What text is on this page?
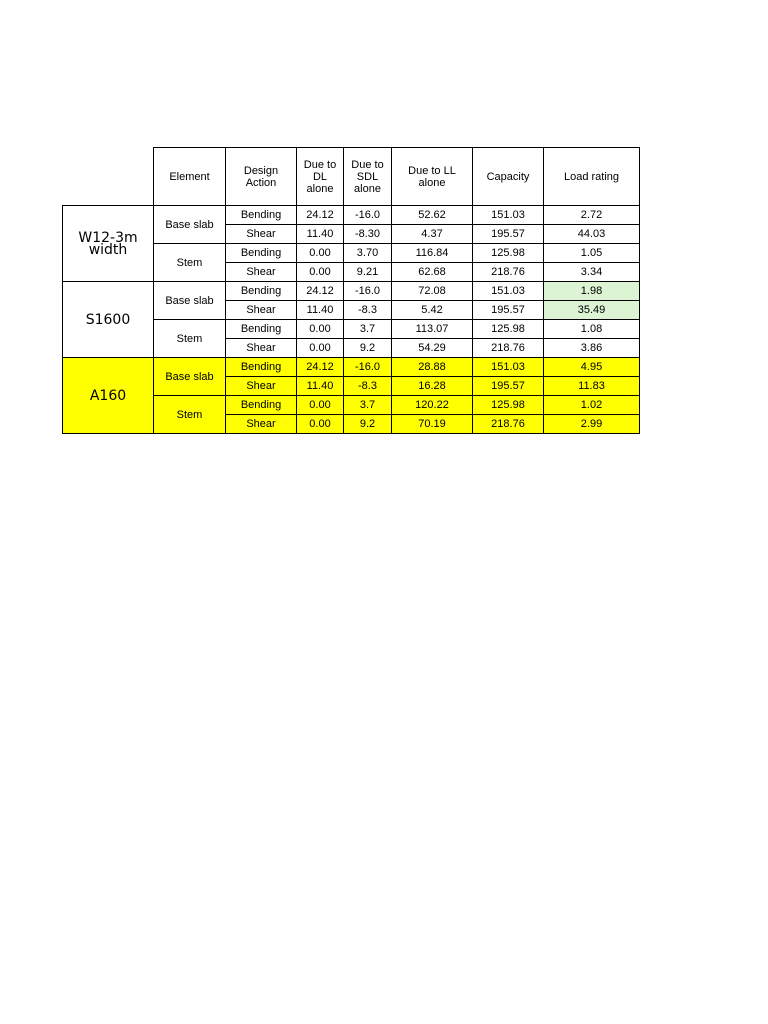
	Element	Design Action	Due to DL alone	Due to SDL alone	Due to LL alone	Capacity	Load rating
W12-3m width	Base slab	Bending	24.12	-16.0	52.62	151.03	2.72
		Shear	11.40	-8.30	4.37	195.57	44.03
	Stem	Bending	0.00	3.70	116.84	125.98	1.05
		Shear	0.00	9.21	62.68	218.76	3.34
S1600	Base slab	Bending	24.12	-16.0	72.08	151.03	1.98
		Shear	11.40	-8.3	5.42	195.57	35.49
	Stem	Bending	0.00	3.7	113.07	125.98	1.08
		Shear	0.00	9.2	54.29	218.76	3.86
A160	Base slab	Bending	24.12	-16.0	28.88	151.03	4.95
		Shear	11.40	-8.3	16.28	195.57	11.83
	Stem	Bending	0.00	3.7	120.22	125.98	1.02
		Shear	0.00	9.2	70.19	218.76	2.99
